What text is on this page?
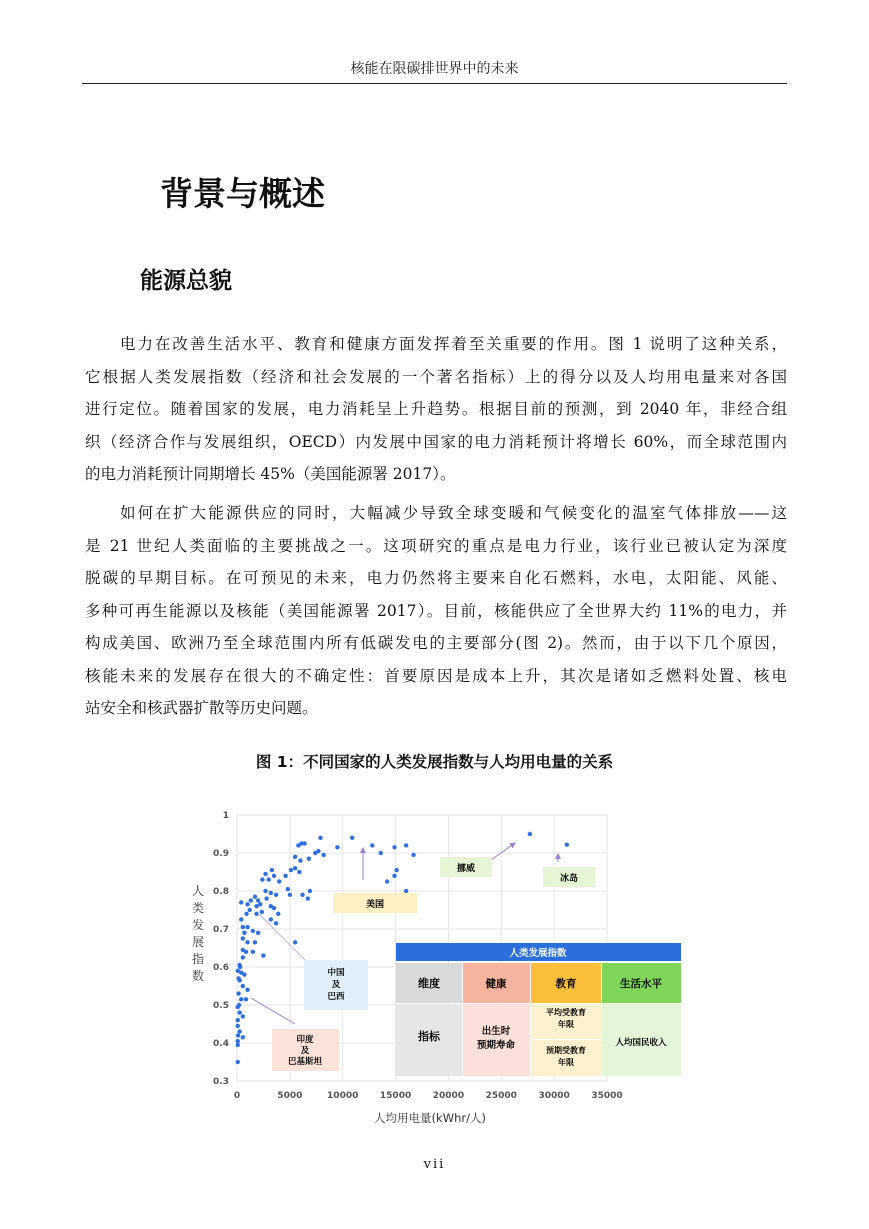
核能在限碳排世界中的未来
背景与概述
能源总貌
电力在改善生活水平、教育和健康方面发挥着至关重要的作用。图 1 说明了这种关系，
它根据人类发展指数（经济和社会发展的一个著名指标）上的得分以及人均用电量来对各国
进行定位。随着国家的发展，电力消耗呈上升趋势。根据目前的预测，到 2040 年，非经合组
织（经济合作与发展组织，OECD）内发展中国家的电力消耗预计将增长 60%，而全球范围内
的电力消耗预计同期增长 45%（美国能源署 2017）。
如何在扩大能源供应的同时，大幅减少导致全球变暖和气候变化的温室气体排放——这
是 21 世纪人类面临的主要挑战之一。这项研究的重点是电力行业，该行业已被认定为深度
脱碳的早期目标。在可预见的未来，电力仍然将主要来自化石燃料，水电，太阳能、风能、
多种可再生能源以及核能（美国能源署 2017）。目前，核能供应了全世界大约 11%的电力，并
构成美国、欧洲乃至全球范围内所有低碳发电的主要部分(图 2)。然而，由于以下几个原因，
核能未来的发展存在很大的不确定性：首要原因是成本上升，其次是诸如乏燃料处置、核电
站安全和核武器扩散等历史问题。
图 1：不同国家的人类发展指数与人均用电量的关系
0	5000	10000 15000 20000 25000 30000 35000
0.3
0.4
0.5
0.6
0.7
0.8
0.9
1
人类发展指数
人均用电量(kWhr/人)
美国
挪威
冰岛
中国
及
巴西
印度
及
巴基斯坦
人类发展指数
维度
指标
健康
出生时
预期寿命
教育
平均受教育
年限
预期受教育
年限
生活水平
人均国民收入
vii
